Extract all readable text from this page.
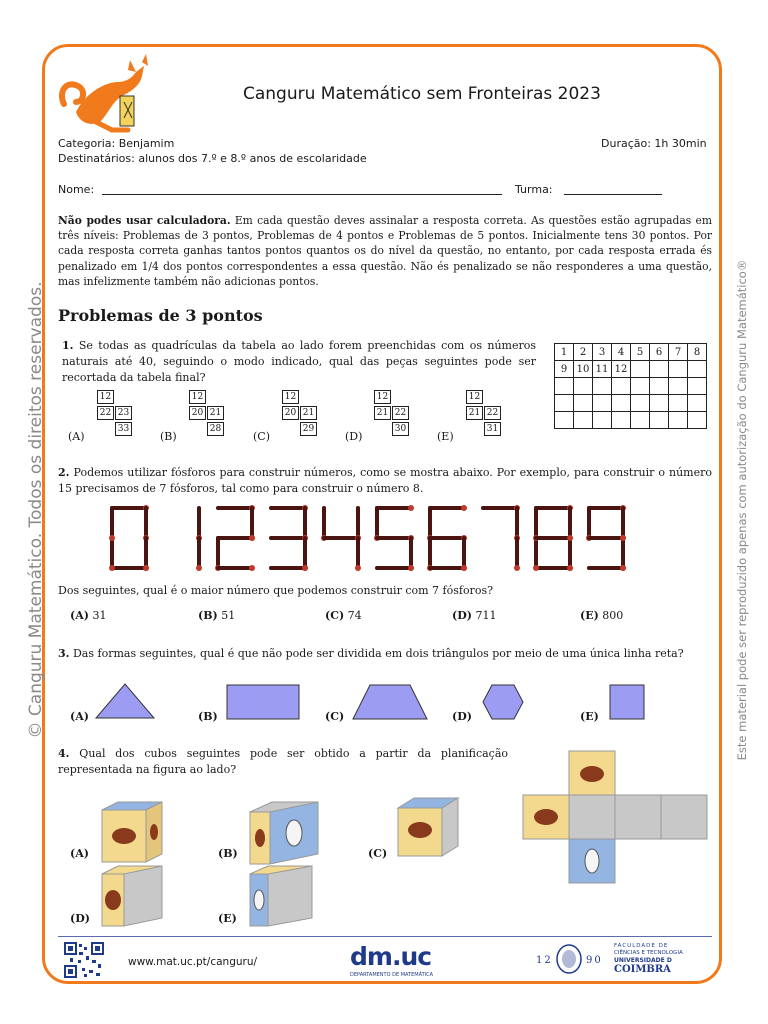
© Canguru Matemático. Todos os direitos reservados.	Este material pode ser reproduzido apenas com autorização do Canguru Matemático®
Canguru Matemático sem Fronteiras 2023
Categoria: Benjamim
Destinatários: alunos dos 7.º e 8.º anos de escolaridade
Duração: 1h 30min
Nome:	Turma:
Não podes usar calculadora. Em cada questão deves assinalar a resposta correta. As questões estão agrupadas em três níveis: Problemas de 3 pontos, Problemas de 4 pontos e Problemas de 5 pontos. Inicialmente tens 30 pontos. Por cada resposta correta ganhas tantos pontos quantos os do nível da questão, no entanto, por cada resposta errada és penalizado em 1/4 dos pontos correspondentes a essa questão. Não és penalizado se não responderes a uma questão, mas infelizmente também não adicionas pontos.
Problemas de 3 pontos
1. Se todas as quadrículas da tabela ao lado forem preenchidas com os números naturais até 40, seguindo o modo indicado, qual das peças seguintes pode ser recortada da tabela final?
1	2	3	4	5	6	7	8
9	10	11	12				

(A)
12
22 23
33
(B)
12
20 21
28
(C)
12
20 21
29
(D)
12
21 22
30
(E)
12
21 22
31
2. Podemos utilizar fósforos para construir números, como se mostra abaixo. Por exemplo, para construir o número 15 precisamos de 7 fósforos, tal como para construir o número 8.
Dos seguintes, qual é o maior número que podemos construir com 7 fósforos?
(A) 31	(B) 51	(C) 74	(D) 711	(E) 800
3. Das formas seguintes, qual é que não pode ser dividida em dois triângulos por meio de uma única linha reta?
(A)	(B)	(C)	(D)	(E)
4. Qual dos cubos seguintes pode ser obtido a partir da planificação representada na figura ao lado?
(A)	(B)	(C)
(D)	(E)
www.mat.uc.pt/canguru/	dm.uc
DEPARTAMENTO DE MATEMÁTICA
12	90
FACULDADE DE
CIÊNCIAS E TECNOLOGIA
UNIVERSIDADE D
COIMBRA
